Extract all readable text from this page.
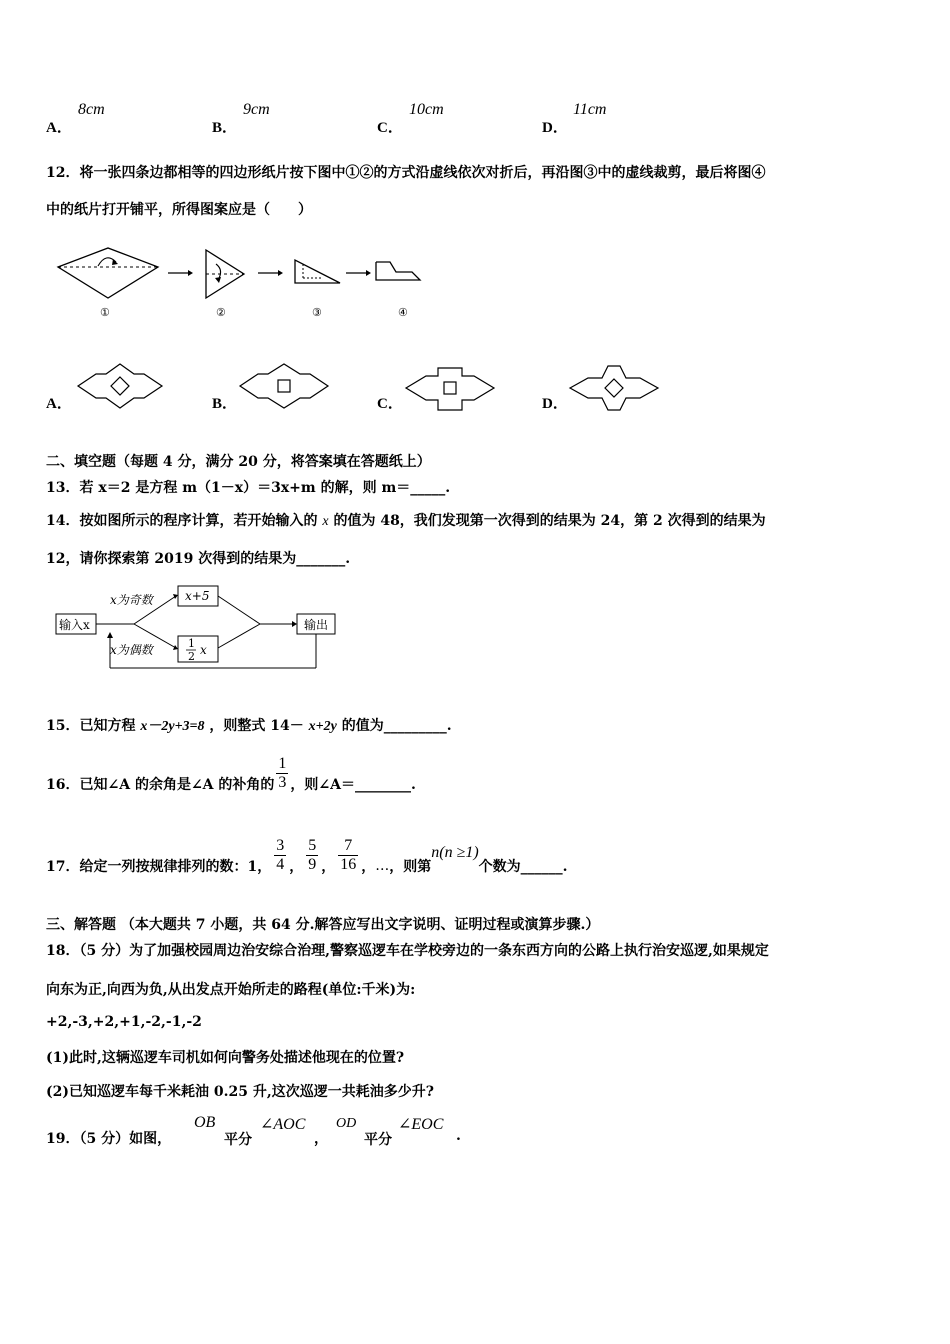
A．
8cm
B．
9cm
C．
10cm
D．
11cm
12．将一张四条边都相等的四边形纸片按下图中①②的方式沿虚线依次对折后，再沿图③中的虚线裁剪，最后将图④
中的纸片打开铺平，所得图案应是（　　）
①	②	③	④
A．	B．	C．	D．
二、填空题（每题 4 分，满分 20 分，将答案填在答题纸上）
13．若 x＝2 是方程 m（1－x）＝3x+m 的解，则 m＝_____.
14．按如图所示的程序计算，若开始输入的 x 的值为 48，我们发现第一次得到的结果为 24，第 2 次得到的结果为
12，请你探索第 2019 次得到的结果为_______.
输入x
x为奇数
x为偶数
x+5
1
2 x
输出
15．已知方程 x－2y+3=8 ，则整式 14－ x+2y 的值为_________.
16．已知∠A 的余角是∠A 的补角的 $\frac{1}{3}$ ，则∠A＝________.
17．给定一列按规律排列的数：1， $\frac{3}{4}$ ， $\frac{5}{9}$ ， $\frac{7}{16}$ ， … ，则第
n(n ≥1)
个数为______.
三、解答题 （本大题共 7 小题，共 64 分.解答应写出文字说明、证明过程或演算步骤.）
18．（5 分）为了加强校园周边治安综合治理,警察巡逻车在学校旁边的一条东西方向的公路上执行治安巡逻,如果规定
向东为正,向西为负,从出发点开始所走的路程(单位:千米)为:
+2,-3,+2,+1,-2,-1,-2
(1)此时,这辆巡逻车司机如何向警务处描述他现在的位置?
(2)已知巡逻车每千米耗油 0.25 升,这次巡逻一共耗油多少升?
19．（5 分）如图，
OB
平分
∠AOC
，
OD
平分
∠EOC
.
